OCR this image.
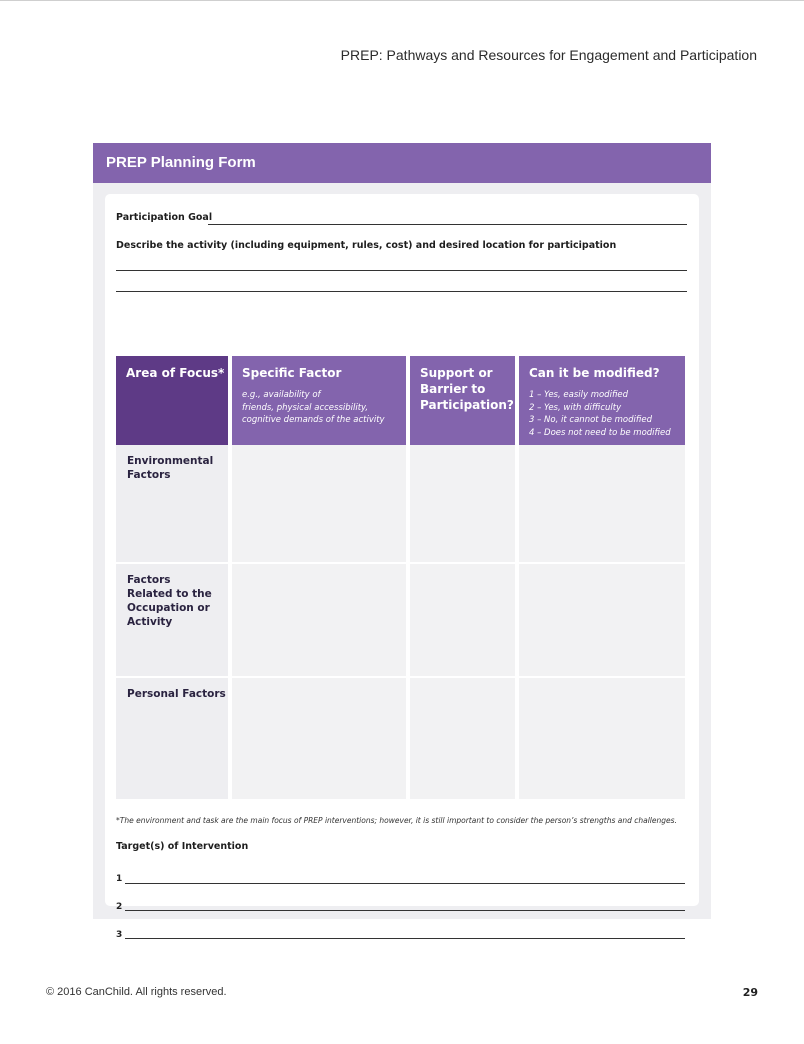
PREP: Pathways and Resources for Engagement and Participation
PREP Planning Form
Participation Goal
Describe the activity (including equipment, rules, cost) and desired location for participation
Area of Focus* Specific Factor
e.g., availability of
friends, physical accessibility,
cognitive demands of the activity
Support or
Barrier to
Participation?
Can it be modified?
1 – Yes, easily modified
2 – Yes, with difficulty
3 – No, it cannot be modified
4 – Does not need to be modified
Environmental
Factors
Factors
Related to the
Occupation or
Activity
Personal Factors
*The environment and task are the main focus of PREP interventions; however, it is still important to consider the person’s strengths and challenges.
Target(s) of Intervention
1
2
3
© 2016 CanChild. All rights reserved.	29
